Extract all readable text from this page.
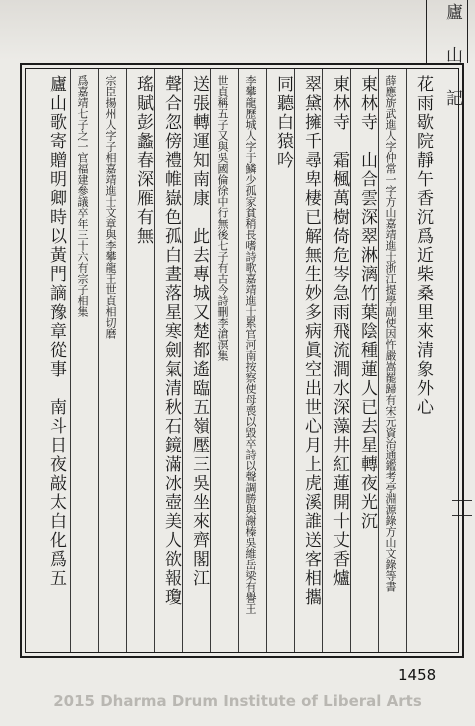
廬山記
花雨歇院靜午香沉爲近柴桑里來清象外心
薛應旂武進人字仲常一字方山嘉靖進士浙江提學副使因忤嚴嵩罷歸有宋元資治通鑑考亭淵源錄方山文錄等書
東林寺　山合雲深翠淋漓竹葉陰種蓮人已去星轉夜光沉
東林寺　霜楓萬樹倚危岑急雨飛流澗水深藻井紅蓮開十丈香爐
翠黛擁千尋卑棲已解無生妙多病眞空出世心月上虎溪誰送客相攜
同聽白猿吟
李攀龍歷城人字于鱗少孤家貧稍長嗜詩歌嘉靖進士累官河南按察使母喪以毀卒詩以聲調勝與謝榛吳維岳梁有譽王
世貞稱五子又與吳國倫徐中行無後七子有古今詩刪李滄溟集
送張轉運知南康　此去專城又楚都遙臨五嶺壓三吳坐來齊閣江
聲合忽傍禮帷嶽色孤白晝落星寒劍氣清秋石鏡滿冰壺美人欲報瓊
瑤賦彭蠡春深雁有無
宗臣揚州人字子相嘉靖進士文章與李攀龍王世貞相切磨
爲嘉靖七子之一官福建參議卒年三十六有宗子相集
廬山歌寄贈明卿時以黃門謫豫章從事　南斗日夜敲太白化爲五
1458
2015 Dharma Drum Institute of Liberal Arts
